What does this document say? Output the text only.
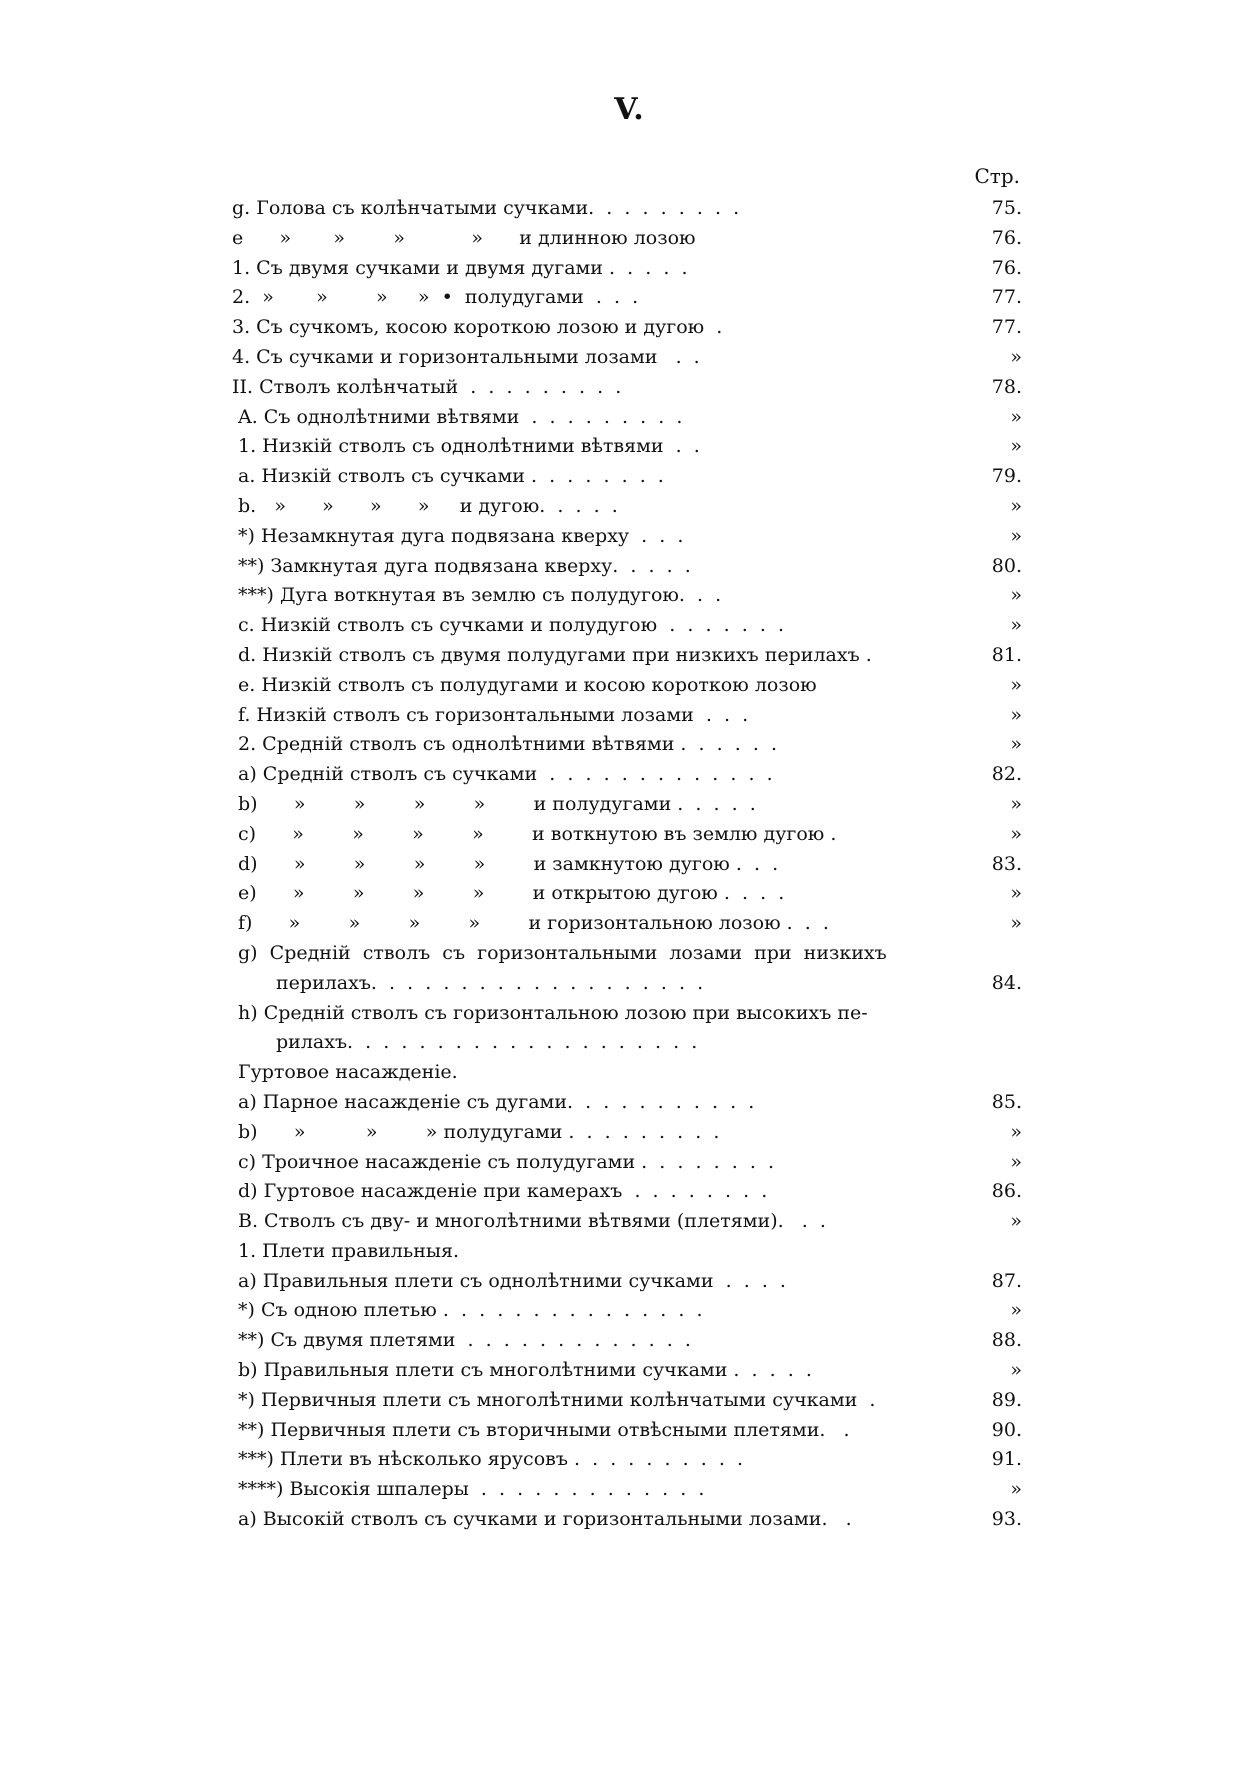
V.
Стр.
g. Голова съ колѣнчатыми сучками.  .  .  .  .  .  .  .  .	75.
e      »       »        »           »      и длинною лозою	76.
1. Съ двумя сучками и двумя дугами .  .  .  .  .	76.
2.  »       »        »     »  •  полудугами  .  .  .	77.
3. Съ сучкомъ, косою короткою лозою и дугою  .	77.
4. Съ сучками и горизонтальными лозами   .  .	»
II. Стволъ колѣнчатый  .  .  .  .  .  .  .  .  .	78.
A. Съ однолѣтними вѣтвями  .  .  .  .  .  .  .  .  .	»
1. Низкій стволъ съ однолѣтними вѣтвями  .  .	»
a. Низкій стволъ съ сучками .  .  .  .  .  .  .  .	79.
b.   »      »      »      »     и дугою.  .  .  .  .	»
*) Незамкнутая дуга подвязана кверху  .  .  .	»
**) Замкнутая дуга подвязана кверху.  .  .  .  .	80.
***) Дуга воткнутая въ землю съ полудугою.  .  .	»
c. Низкій стволъ съ сучками и полудугою  .  .  .  .  .  .  .	»
d. Низкій стволъ съ двумя полудугами при низкихъ перилахъ .	81.
e. Низкій стволъ съ полудугами и косою короткою лозою	»
f. Низкій стволъ съ горизонтальными лозами  .  .  .	»
2. Средній стволъ съ однолѣтними вѣтвями .  .  .  .  .  .	»
a) Средній стволъ съ сучками  .  .  .  .  .  .  .  .  .  .  .  .  .	82.
b)      »        »        »        »        и полудугами .  .  .  .  .	»
c)      »        »        »        »        и воткнутою въ землю дугою .	»
d)      »        »        »        »        и замкнутою дугою .  .  .	83.
e)      »        »        »        »        и открытою дугою .  .  .  .	»
f)      »        »        »        »        и горизонтальною лозою .  .  .	»
g)  Средній  стволъ  съ  горизонтальными  лозами  при  низкихъ
перилахъ.  .  .  .  .  .  .  .  .  .  .  .  .  .  .  .  .  .  .	84.
h) Средній стволъ съ горизонтальною лозою при высокихъ пе-
рилахъ.  .  .  .  .  .  .  .  .  .  .  .  .  .  .  .  .  .  .  .
Гуртовое насажденіе.
a) Парное насажденіе съ дугами.  .  .  .  .  .  .  .  .  .  .	85.
b)      »          »        » полудугами .  .  .  .  .  .  .  .  .	»
c) Троичное насажденіе съ полудугами .  .  .  .  .  .  .  .	»
d) Гуртовое насажденіе при камерахъ  .  .  .  .  .  .  .  .	86.
B. Стволъ съ дву- и многолѣтними вѣтвями (плетями).   .  .	»
1. Плети правильныя.
a) Правильныя плети съ однолѣтними сучками  .  .  .  .	87.
*) Съ одною плетью .  .  .  .  .  .  .  .  .  .  .  .  .  .  .	»
**) Съ двумя плетями  .  .  .  .  .  .  .  .  .  .  .  .  .	88.
b) Правильныя плети съ многолѣтними сучками .  .  .  .  .	»
*) Первичныя плети съ многолѣтними колѣнчатыми сучками  .	89.
**) Первичныя плети съ вторичными отвѣсными плетями.   .	90.
***) Плети въ нѣсколько ярусовъ .  .  .  .  .  .  .  .  .  .	91.
****) Высокія шпалеры  .  .  .  .  .  .  .  .  .  .  .  .  .	»
a) Высокій стволъ съ сучками и горизонтальными лозами.   .	93.
